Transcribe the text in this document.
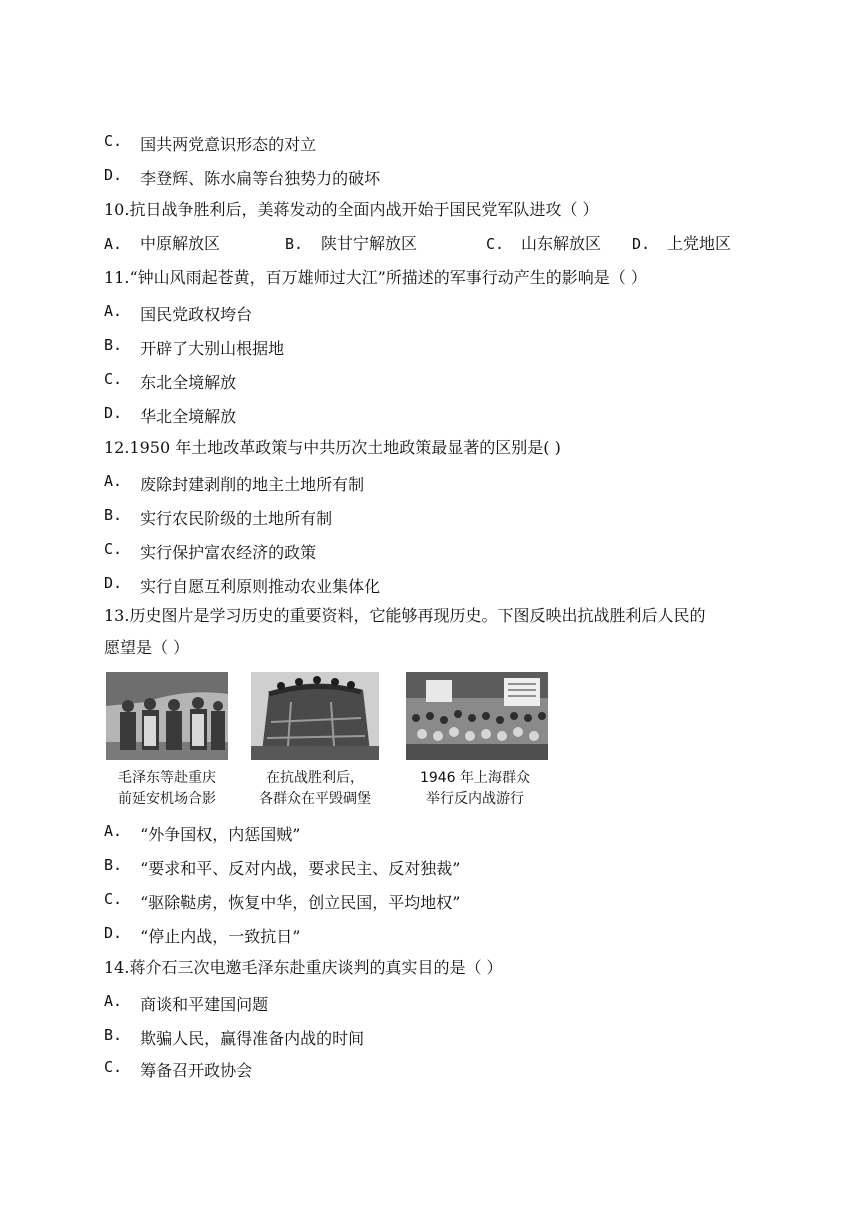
C. 国共两党意识形态的对立
D. 李登辉、陈水扁等台独势力的破坏
10.抗日战争胜利后，美蒋发动的全面内战开始于国民党军队进攻（ ）
A. 中原解放区	B. 陕甘宁解放区	C. 山东解放区 D. 上党地区
11.“钟山风雨起苍黄，百万雄师过大江”所描述的军事行动产生的影响是（ ）
A. 国民党政权垮台
B. 开辟了大别山根据地
C. 东北全境解放
D. 华北全境解放
12.1950 年土地改革政策与中共历次土地政策最显著的区别是( )
A. 废除封建剥削的地主土地所有制
B. 实行农民阶级的土地所有制
C. 实行保护富农经济的政策
D. 实行自愿互利原则推动农业集体化
13.历史图片是学习历史的重要资料，它能够再现历史。下图反映出抗战胜利后人民的
愿望是（ ）
毛泽东等赴重庆
前延安机场合影
在抗战胜利后，
各群众在平毁碉堡
1946 年上海群众
举行反内战游行
A. “外争国权，内惩国贼”
B. “要求和平、反对内战，要求民主、反对独裁”
C. “驱除鞑虏，恢复中华，创立民国，平均地权”
D. “停止内战，一致抗日”
14.蒋介石三次电邀毛泽东赴重庆谈判的真实目的是（ ）
A. 商谈和平建国问题
B. 欺骗人民，赢得准备内战的时间
C. 筹备召开政协会
